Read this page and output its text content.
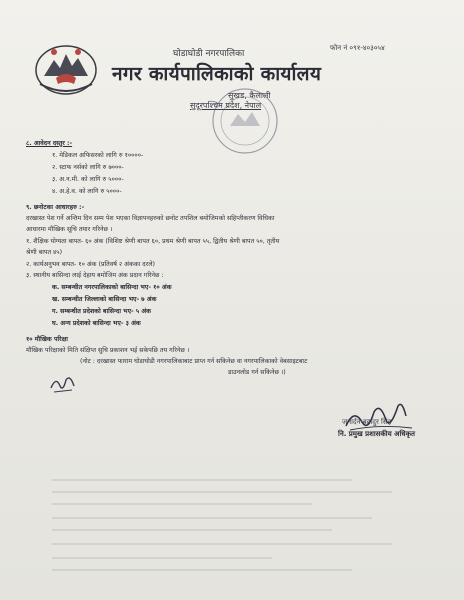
घोडाघोडी नगरपालिका
फोन नं ०९१-४०३०५४
नगर कार्यपालिकाको कार्यालय
सुखड, कैलाली
सुदूरपश्चिम प्रदेश, नेपाल
८. आवेदन दस्तुर :-
१. मेडिकल अफिसरको लागि रु १००००-
२. स्टाफ नर्सको लागि रु ७०००-
३. अ.न.मी. को लागि रु ५०००-
४. अ.हे.व. को लागि रु ५०००-
९. छनोटका आधारहरु :-
दरखास्त पेश गर्ने अन्तिम दिन सम्म पेश भएका विज्ञापनहरुको छनोट तपशिल बमोजिमको सहिप्तीकरण विधिका
आधारमा मौखिक सूचि तयार गरिनेछ ।
१. शैक्षिक योग्यता बापत- ६० अंक (विशिष्ट श्रेणी बापत ६०, प्रथम श्रेणी बापत ५५, द्वितीय श्रेणी बापत ५०, तृतीय
श्रेणी बापत ४५)
२. कार्यअनुभव बापत- १० अंक (प्रतिवर्ष २ अंकका दरले)
३. स्थानीय बासिन्दा लाई देहाय बमोजिम अंक प्रदान गरिनेछ :
क. सम्बन्धीत नगरपालिकाको बासिन्दा भए- १० अंक
ख. सम्बन्धीत जिल्लाको बासिन्दा भए- ७ अंक
ग. सम्बन्धीत प्रदेशको बासिन्दा भए- ५ अंक
घ. अन्य प्रदेशको बासिन्दा भए- ३ अंक
१० मौखिक परिक्षा
मौखिक परिक्षाको मिति संक्षिप्त सुचि प्रकाशन भई सकेपछि तय गरिनेछ ।
(नोट : दरखास्त फाराम घोडाघोडी नगरपालिकाबाट प्राप्त गर्न सकिनेछ वा नगरपालिकाको वेबसाइटबाट
डाउनलोड गर्न सकिनेछ ।)
जनार्दन बहादुर सिंह
नि. प्रमुख प्रशासकीय अधिकृत
